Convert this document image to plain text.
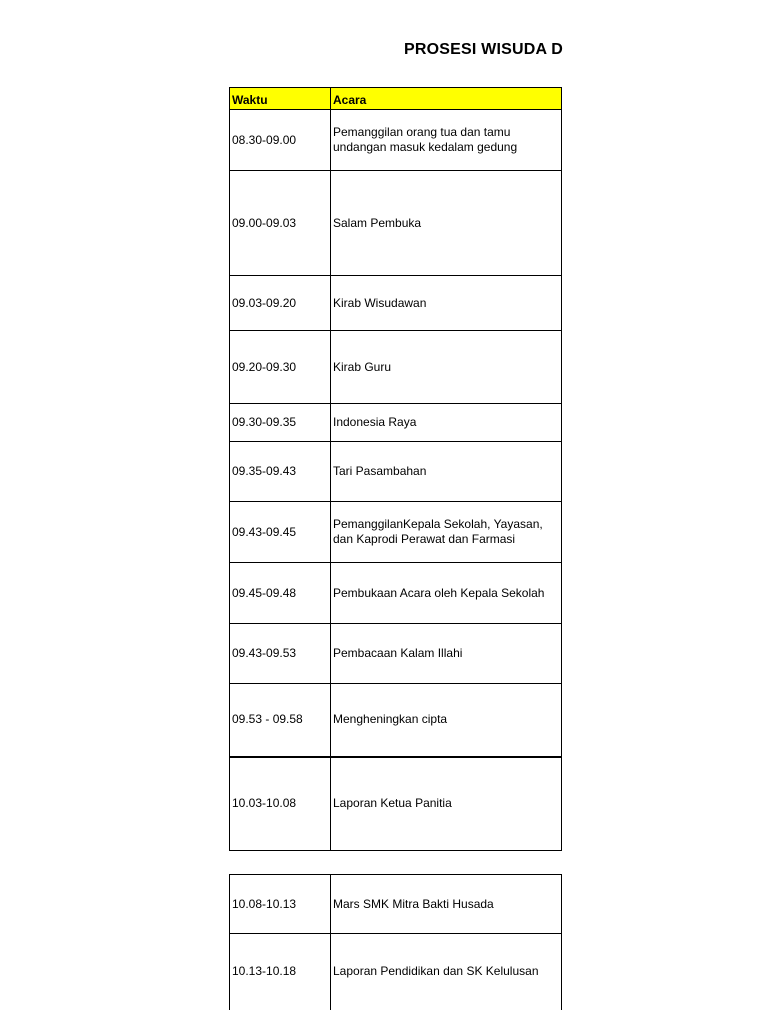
PROSESI WISUDA D
Waktu	Acara
08.30-09.00	Pemanggilan orang tua dan tamu undangan masuk kedalam gedung
09.00-09.03	Salam Pembuka
09.03-09.20	Kirab Wisudawan
09.20-09.30	Kirab Guru
09.30-09.35	Indonesia Raya
09.35-09.43	Tari Pasambahan
09.43-09.45	PemanggilanKepala Sekolah, Yayasan, dan Kaprodi Perawat dan Farmasi
09.45-09.48	Pembukaan Acara oleh Kepala Sekolah
09.43-09.53	Pembacaan Kalam Illahi
09.53 - 09.58	Mengheningkan cipta
10.03-10.08	Laporan Ketua Panitia
10.08-10.13	Mars SMK Mitra Bakti Husada
10.13-10.18	Laporan Pendidikan dan SK Kelulusan
